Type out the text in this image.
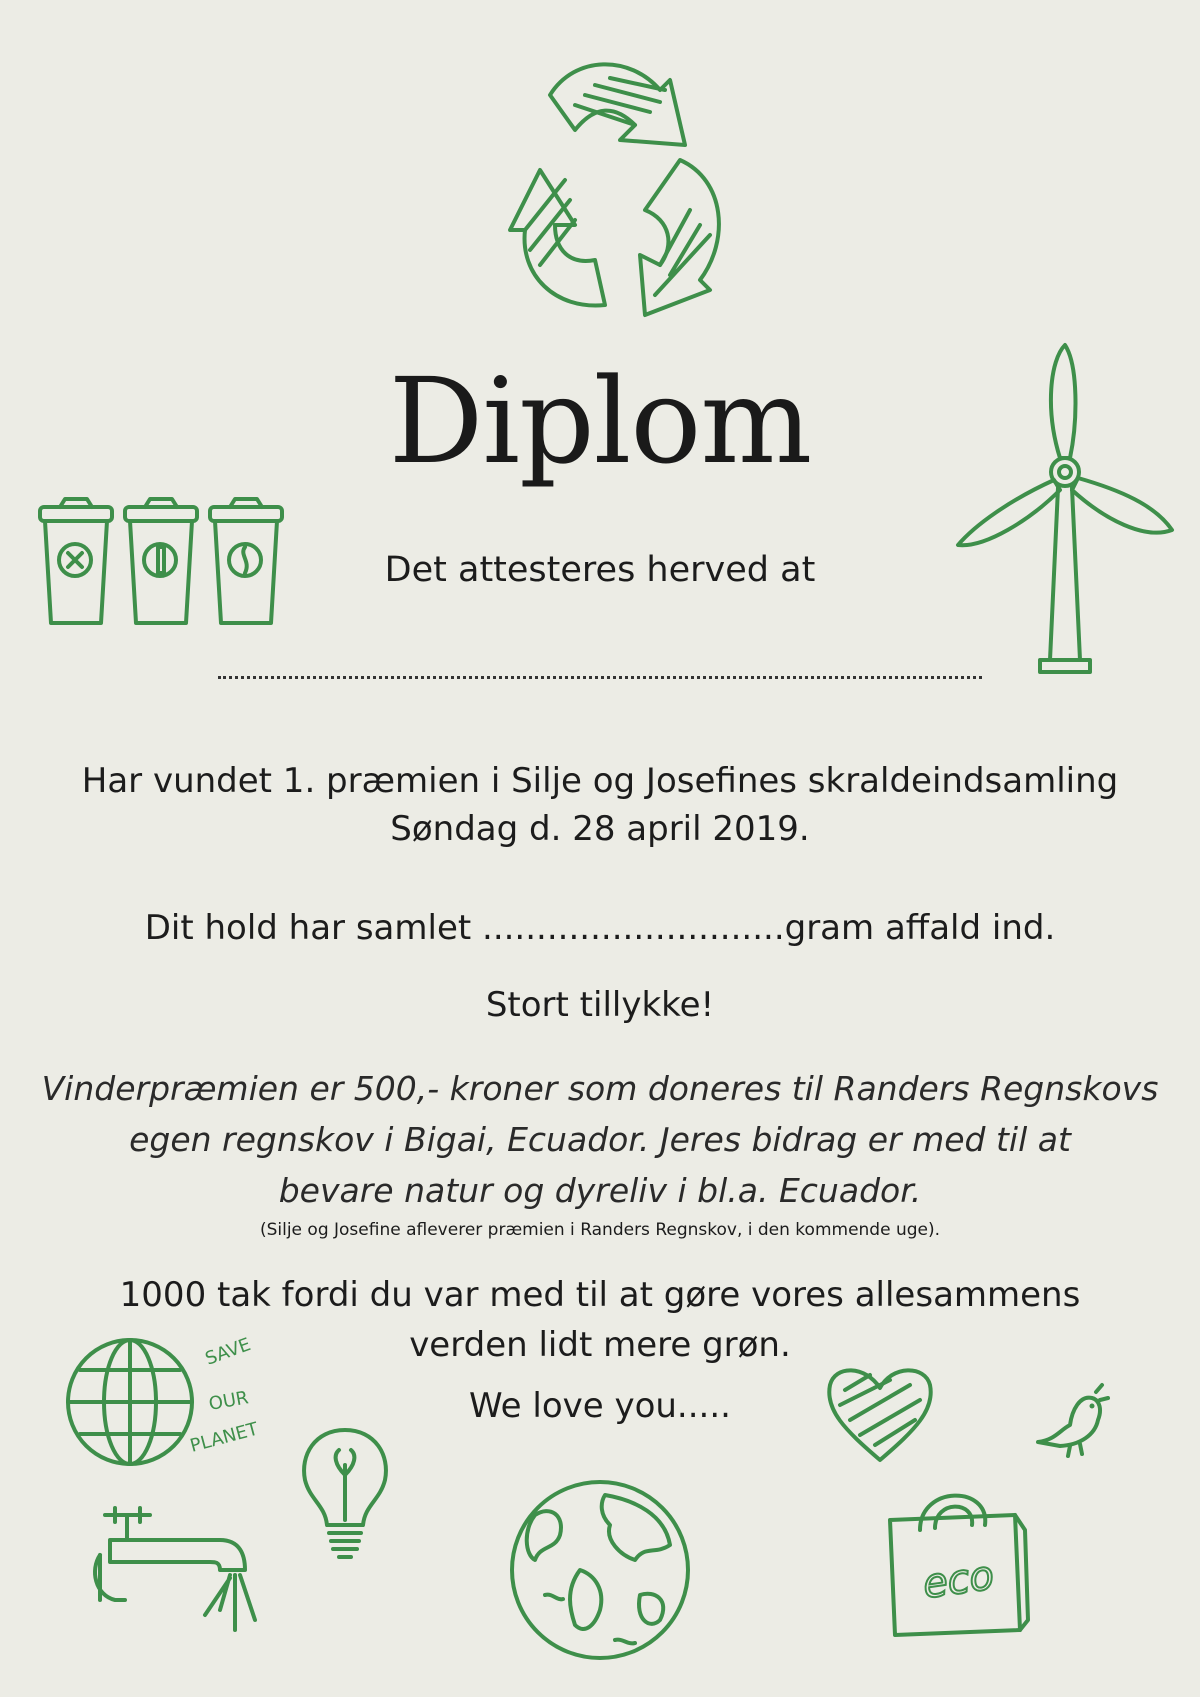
Diplom
Det attesteres herved at
Har vundet 1. præmien i Silje og Josefines skraldeindsamling
Søndag d. 28 april 2019.
Dit hold har samlet ............................gram affald ind.
Stort tillykke!
Vinderpræmien er 500,- kroner som doneres til Randers Regnskovs
egen regnskov i Bigai, Ecuador. Jeres bidrag er med til at
bevare natur og dyreliv i bl.a. Ecuador.
(Silje og Josefine afleverer præmien i Randers Regnskov, i den kommende uge).
1000 tak fordi du var med til at gøre vores allesammens
verden lidt mere grøn.
We love you.....
SAVE
OUR
PLANET
eco
